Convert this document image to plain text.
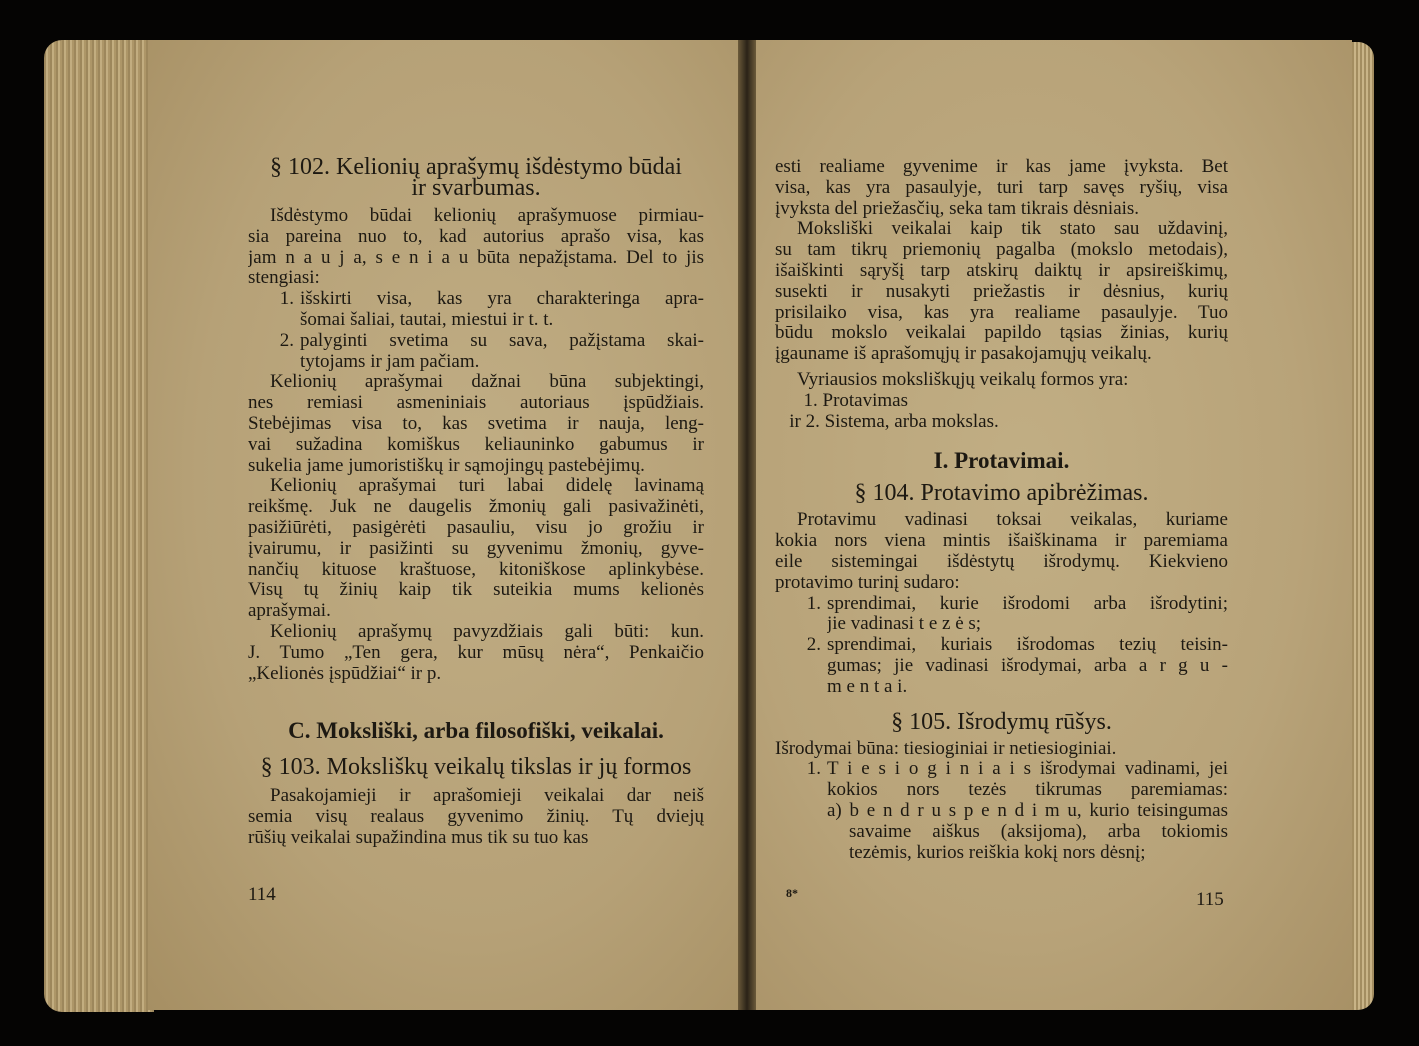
§ 102. Kelionių aprašymų išdėstymo būdai
ir svarbumas.
Išdėstymo būdai kelionių aprašymuose pirmiau-
sia pareina nuo to, kad autorius aprašo visa, kas
jam n a u j a, s e n i a u būta nepažįstama. Del to jis
stengiasi:
1. išskirti visa, kas yra charakteringa apra-
šomai šaliai, tautai, miestui ir t. t.
2. palyginti svetima su sava, pažįstama skai-
tytojams ir jam pačiam.
Kelionių aprašymai dažnai būna subjektingi,
nes remiasi asmeniniais autoriaus įspūdžiais.
Stebėjimas visa to, kas svetima ir nauja, leng-
vai sužadina komiškus keliauninko gabumus ir
sukelia jame jumoristiškų ir sąmojingų pastebėjimų.
Kelionių aprašymai turi labai didelę lavinamą
reikšmę. Juk ne daugelis žmonių gali pasivažinėti,
pasižiūrėti, pasigėrėti pasauliu, visu jo grožiu ir
įvairumu, ir pasižinti su gyvenimu žmonių, gyve-
nančių kituose kraštuose, kitoniškose aplinkybėse.
Visų tų žinių kaip tik suteikia mums kelionės
aprašymai.
Kelionių aprašymų pavyzdžiais gali būti: kun.
J. Tumo „Ten gera, kur mūsų nėra“, Penkaičio
„Kelionės įspūdžiai“ ir p.
C. Moksliški, arba filosofiški, veikalai.
§ 103. Moksliškų veikalų tikslas ir jų formos
Pasakojamieji ir aprašomieji veikalai dar neiš
semia visų realaus gyvenimo žinių. Tų dviejų
rūšių veikalai supažindina mus tik su tuo kas
esti realiame gyvenime ir kas jame įvyksta. Bet
visa, kas yra pasaulyje, turi tarp savęs ryšių, visa
įvyksta del priežasčių, seka tam tikrais dėsniais.
Moksliški veikalai kaip tik stato sau uždavinį,
su tam tikrų priemonių pagalba (mokslo metodais),
išaiškinti sąryšį tarp atskirų daiktų ir apsireiškimų,
susekti ir nusakyti priežastis ir dėsnius, kurių
prisilaiko visa, kas yra realiame pasaulyje. Tuo
būdu mokslo veikalai papildo tąsias žinias, kurių
įgauname iš aprašomųjų ir pasakojamųjų veikalų.
Vyriausios moksliškųjų veikalų formos yra:
1. Protavimas
ir 2. Sistema, arba mokslas.
I. Protavimai.
§ 104. Protavimo apibrėžimas.
Protavimu vadinasi toksai veikalas, kuriame
kokia nors viena mintis išaiškinama ir paremiama
eile sistemingai išdėstytų išrodymų. Kiekvieno
protavimo turinį sudaro:
1. sprendimai, kurie išrodomi arba išrodytini;
jie vadinasi t e z ė s;
2. sprendimai, kuriais išrodomas tezių teisin-
gumas; jie vadinasi išrodymai, arba a r g u -
m e n t a i.
§ 105. Išrodymų rūšys.
Išrodymai būna: tiesioginiai ir netiesioginiai.
1. T i e s i o g i n i a i s išrodymai vadinami, jei
kokios nors tezės tikrumas paremiamas:
a) b e n d r u s p e n d i m u, kurio teisingumas
savaime aiškus (aksijoma), arba tokiomis
tezėmis, kurios reiškia kokį nors dėsnį;
114	8*	115
